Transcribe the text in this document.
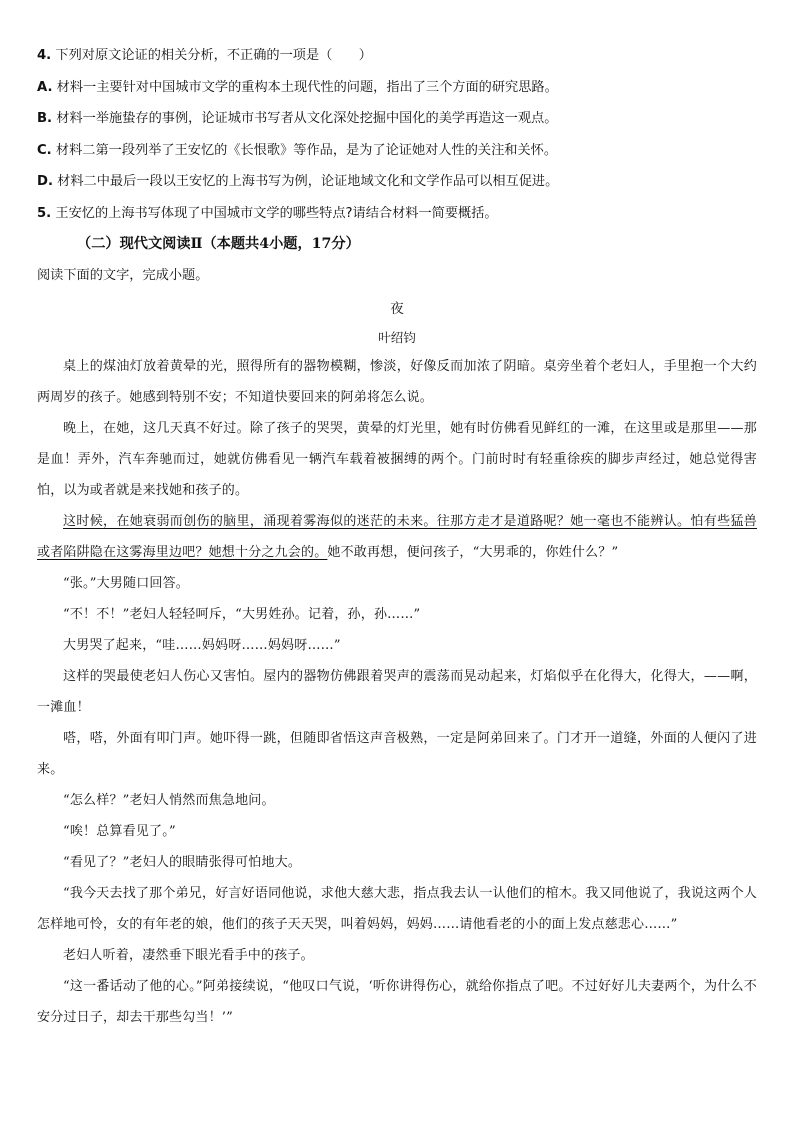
4. 下列对原文论证的相关分析，不正确的一项是（　　）
A. 材料一主要针对中国城市文学的重构本土现代性的问题，指出了三个方面的研究思路。
B. 材料一举施蛰存的事例，论证城市书写者从文化深处挖掘中国化的美学再造这一观点。
C. 材料二第一段列举了王安忆的《长恨歌》等作品，是为了论证她对人性的关注和关怀。
D. 材料二中最后一段以王安忆的上海书写为例，论证地域文化和文学作品可以相互促进。
5. 王安忆的上海书写体现了中国城市文学的哪些特点?请结合材料一简要概括。
（二）现代文阅读Ⅱ（本题共4小题，17分）
阅读下面的文字，完成小题。
夜
叶绍钧

桌上的煤油灯放着黄晕的光，照得所有的器物模糊，惨淡，好像反而加浓了阴暗。桌旁坐着个老妇人，手里抱一个大约两周岁的孩子。她感到特别不安；不知道快要回来的阿弟将怎么说。

晚上，在她，这几天真不好过。除了孩子的哭哭，黄晕的灯光里，她有时仿佛看见鲜红的一滩，在这里或是那里——那是血！弄外，汽车奔驰而过，她就仿佛看见一辆汽车载着被捆缚的两个。门前时时有轻重徐疾的脚步声经过，她总觉得害怕，以为或者就是来找她和孩子的。

这时候，在她衰弱而创伤的脑里，涌现着雾海似的迷茫的未来。往那方走才是道路呢？她一毫也不能辨认。怕有些猛兽或者陷阱隐在这雾海里边吧？她想十分之九会的。她不敢再想，便问孩子，“大男乖的，你姓什么？”

“张。”大男随口回答。

“不！不！”老妇人轻轻呵斥，“大男姓孙。记着，孙，孙……”

大男哭了起来，“哇……妈妈呀……妈妈呀……”

这样的哭最使老妇人伤心又害怕。屋内的器物仿佛跟着哭声的震荡而晃动起来，灯焰似乎在化得大，化得大，——啊，一滩血！

嗒，嗒，外面有叩门声。她吓得一跳，但随即省悟这声音极熟，一定是阿弟回来了。门才开一道缝，外面的人便闪了进来。

“怎么样？”老妇人悄然而焦急地问。

“唉！总算看见了。”

“看见了？”老妇人的眼睛张得可怕地大。

“我今天去找了那个弟兄，好言好语同他说，求他大慈大悲，指点我去认一认他们的棺木。我又同他说了，我说这两个人怎样地可怜，女的有年老的娘，他们的孩子天天哭，叫着妈妈，妈妈……请他看老的小的面上发点慈悲心……”

老妇人听着，凄然垂下眼光看手中的孩子。

“这一番话动了他的心。”阿弟接续说，“他叹口气说，‘听你讲得伤心，就给你指点了吧。不过好好儿夫妻两个，为什么不安分过日子，却去干那些勾当！’”
